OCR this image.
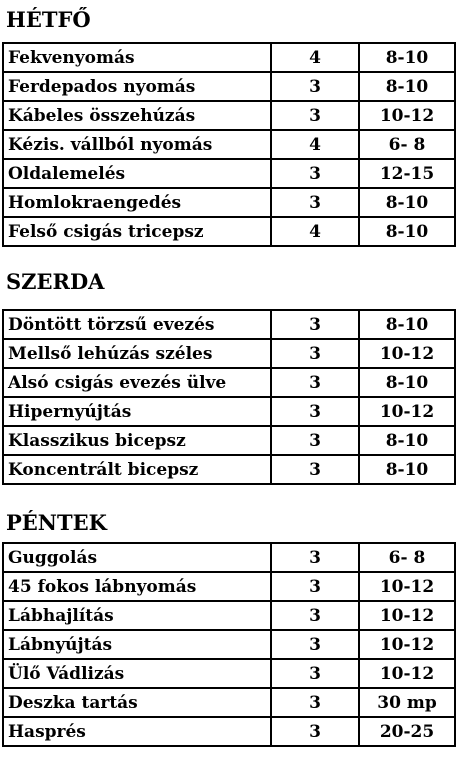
HÉTFŐ
Fekvenyomás	4	8-10
Ferdepados nyomás	3	8-10
Kábeles összehúzás	3	10-12
Kézis. vállból nyomás	4	6- 8
Oldalemelés	3	12-15
Homlokraengedés	3	8-10
Felső csigás tricepsz	4	8-10
SZERDA
Döntött törzsű evezés	3	8-10
Mellső lehúzás széles	3	10-12
Alsó csigás evezés ülve	3	8-10
Hipernyújtás	3	10-12
Klasszikus bicepsz	3	8-10
Koncentrált bicepsz	3	8-10
PÉNTEK
Guggolás	3	6- 8
45 fokos lábnyomás	3	10-12
Lábhajlítás	3	10-12
Lábnyújtás	3	10-12
Ülő Vádlizás	3	10-12
Deszka tartás	3	30 mp
Hasprés	3	20-25
